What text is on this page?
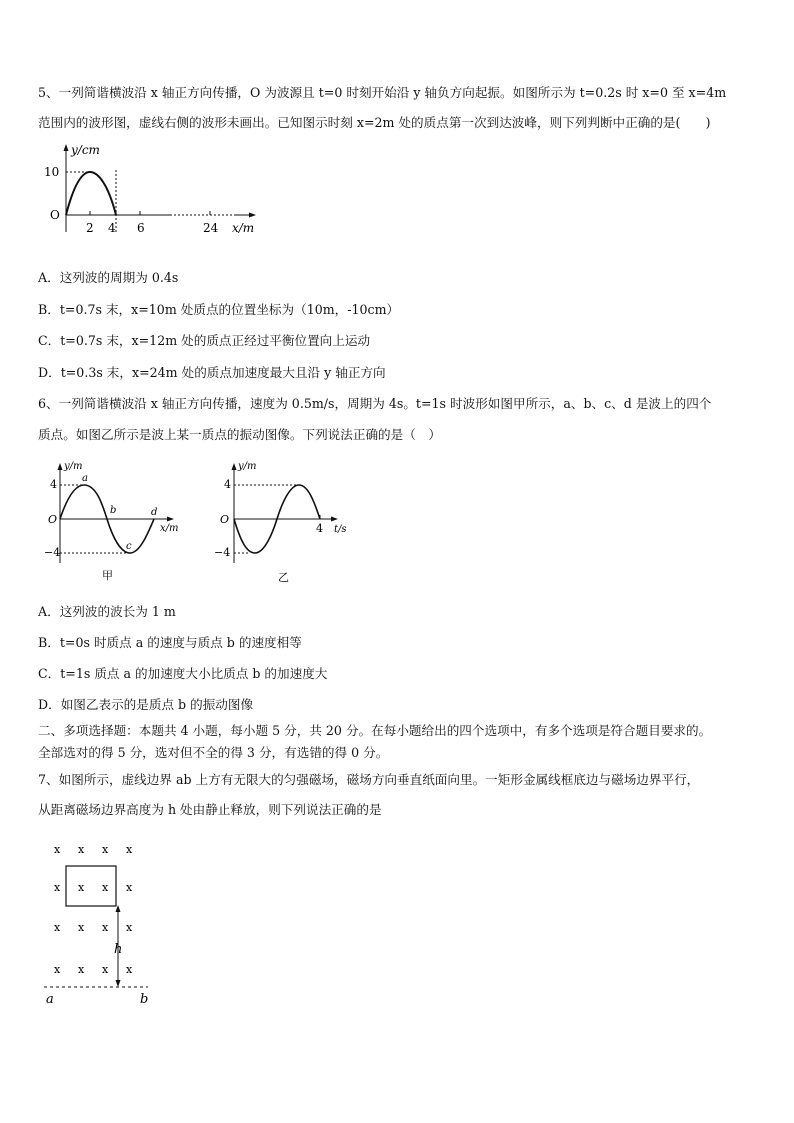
5、一列简谐横波沿 x 轴正方向传播，O 为波源且 t=0 时刻开始沿 y 轴负方向起振。如图所示为 t=0.2s 时 x=0 至 x=4m
范围内的波形图，虚线右侧的波形未画出。已知图示时刻 x=2m 处的质点第一次到达波峰，则下列判断中正确的是(　　)
y/cm
10
O
2 4 6	24 x/m
A．这列波的周期为 0.4s
B．t=0.7s 末，x=10m 处质点的位置坐标为（10m，-10cm）
C．t=0.7s 末，x=12m 处的质点正经过平衡位置向上运动
D．t=0.3s 末，x=24m 处的质点加速度最大且沿 y 轴正方向
6、一列简谐横波沿 x 轴正方向传播，速度为 0.5m/s，周期为 4s。t=1s 时波形如图甲所示，a、b、c、d 是波上的四个
质点。如图乙所示是波上某一质点的振动图像。下列说法正确的是（　）
y/m
4
−4
O
a
b
c
d
x/m
甲
y/m
4
−4
O
4 t/s
乙
A．这列波的波长为 1 m
B．t=0s 时质点 a 的速度与质点 b 的速度相等
C．t=1s 质点 a 的加速度大小比质点 b 的加速度大
D．如图乙表示的是质点 b 的振动图像
二、多项选择题：本题共 4 小题，每小题 5 分，共 20 分。在每小题给出的四个选项中，有多个选项是符合题目要求的。
全部选对的得 5 分，选对但不全的得 3 分，有选错的得 0 分。
7、如图所示，虚线边界 ab 上方有无限大的匀强磁场，磁场方向垂直纸面向里。一矩形金属线框底边与磁场边界平行，
从距离磁场边界高度为 h 处由静止释放，则下列说法正确的是
x x x x
x x x x
x x x x
x x x x
h
a	b
